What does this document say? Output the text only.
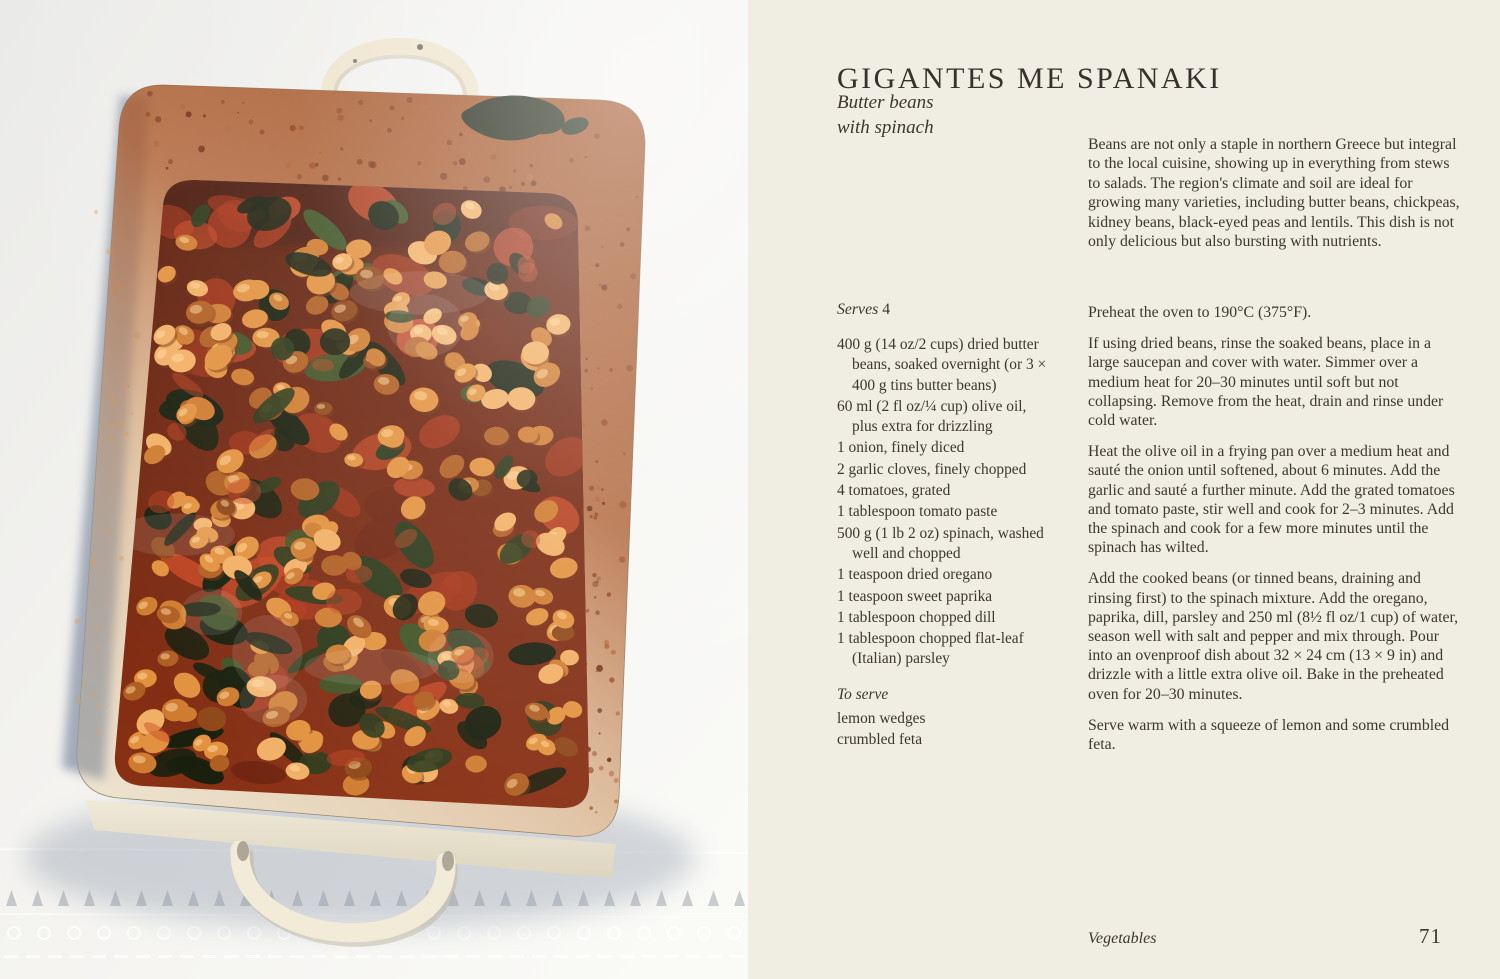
GIGANTES ME SPANAKI
Butter beans
with spinach
Beans are not only a staple in northern Greece but integral to the local cuisine, showing up in everything from stews to salads. The region's climate and soil are ideal for growing many varieties, including butter beans, chickpeas, kidney beans, black-eyed peas and lentils. This dish is not only delicious but also bursting with nutrients.
Serves 4
400 g (14 oz/2 cups) dried butter beans, soaked overnight (or 3 × 400 g tins butter beans)
60 ml (2 fl oz/¼ cup) olive oil, plus extra for drizzling
1 onion, finely diced
2 garlic cloves, finely chopped
4 tomatoes, grated
1 tablespoon tomato paste
500 g (1 lb 2 oz) spinach, washed well and chopped
1 teaspoon dried oregano
1 teaspoon sweet paprika
1 tablespoon chopped dill
1 tablespoon chopped flat-leaf (Italian) parsley
To serve
lemon wedges
crumbled feta

Preheat the oven to 190°C (375°F).

If using dried beans, rinse the soaked beans, place in a large saucepan and cover with water. Simmer over a medium heat for 20–30 minutes until soft but not collapsing. Remove from the heat, drain and rinse under cold water.

Heat the olive oil in a frying pan over a medium heat and sauté the onion until softened, about 6 minutes. Add the garlic and sauté a further minute. Add the grated tomatoes and tomato paste, stir well and cook for 2–3 minutes. Add the spinach and cook for a few more minutes until the spinach has wilted.

Add the cooked beans (or tinned beans, draining and rinsing first) to the spinach mixture. Add the oregano, paprika, dill, parsley and 250 ml (8½ fl oz/1 cup) of water, season well with salt and pepper and mix through. Pour into an ovenproof dish about 32 × 24 cm (13 × 9 in) and drizzle with a little extra olive oil. Bake in the preheated oven for 20–30 minutes.

Serve warm with a squeeze of lemon and some crumbled feta.

Vegetables	71
